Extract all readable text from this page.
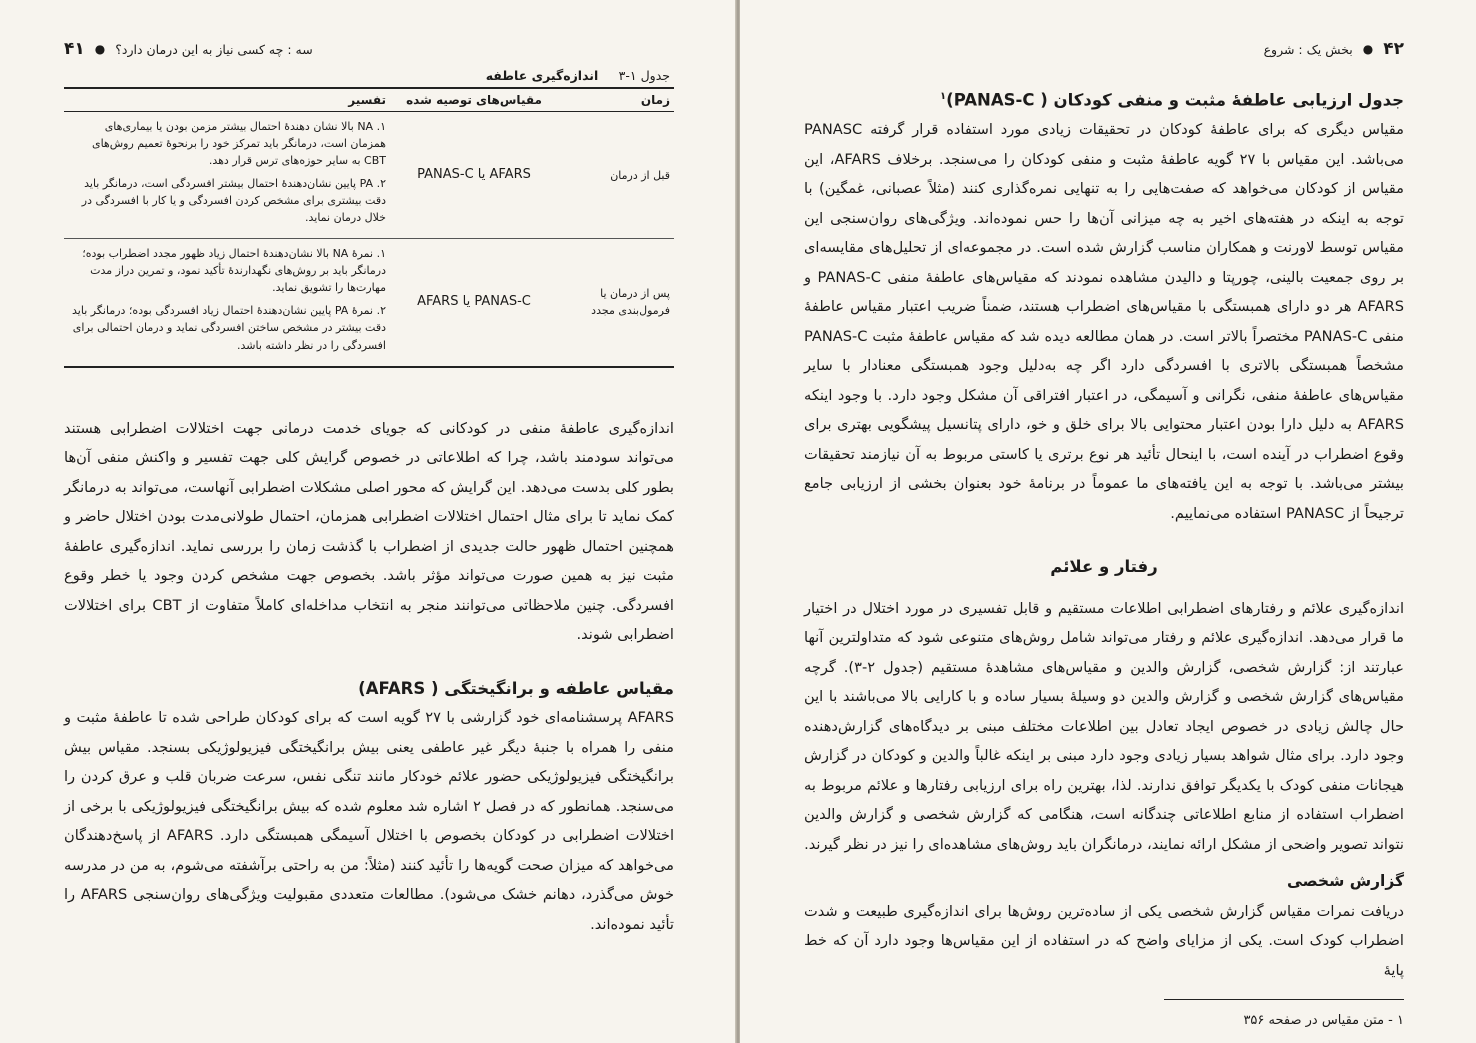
۴۱ ● سه : چه کسی نیاز به این درمان دارد؟
جدول ۱-۳ اندازه‌گیری عاطفه
زمان	مقیاس‌های توصیه شده	تفسیر
قبل از درمان	PANAS-C یا AFARS	۱. NA بالا نشان دهندهٔ احتمال بیشتر مزمن بودن یا بیماری‌های همزمان است، درمانگر باید تمرکز خود را برنحوهٔ تعمیم روش‌های CBT به سایر حوزه‌های ترس قرار دهد.

۲. PA پایین نشان‌دهندهٔ احتمال بیشتر افسردگی است، درمانگر باید دقت بیشتری برای مشخص کردن افسردگی و یا کار با افسردگی در خلال درمان نماید.

پس از درمان یا فرمول‌بندی مجدد	AFARS یا PANAS-C	۱. نمرهٔ NA بالا نشان‌دهندهٔ احتمال زیاد ظهور مجدد اضطراب بوده؛ درمانگر باید بر روش‌های نگهدارندهٔ تأکید نمود، و تمرین دراز مدت مهارت‌ها را تشویق نماید.

۲. نمرهٔ PA پایین نشان‌دهندهٔ احتمال زیاد افسردگی بوده؛ درمانگر باید دقت بیشتر در مشخص ساختن افسردگی نماید و درمان احتمالی برای افسردگی را در نظر داشته باشد.

اندازه‌گیری عاطفهٔ منفی در کودکانی که جویای خدمت درمانی جهت اختلالات اضطرابی هستند می‌تواند سودمند باشد، چرا که اطلاعاتی در خصوص گرایش کلی جهت تفسیر و واکنش منفی آن‌ها بطور کلی بدست می‌دهد. این گرایش که محور اصلی مشکلات اضطرابی آنهاست، می‌تواند به درمانگر کمک نماید تا برای مثال احتمال اختلالات اضطرابی همزمان، احتمال طولانی‌مدت بودن اختلال حاضر و همچنین احتمال ظهور حالت جدیدی از اضطراب با گذشت زمان را بررسی نماید. اندازه‌گیری عاطفهٔ مثبت نیز به همین صورت می‌تواند مؤثر باشد. بخصوص جهت مشخص کردن وجود یا خطر وقوع افسردگی. چنین ملاحظاتی می‌توانند منجر به انتخاب مداخله‌ای کاملاً متفاوت از CBT برای اختلالات اضطرابی شوند.

مقیاس عاطفه و برانگیختگی ( AFARS)

AFARS پرسشنامه‌ای خود گزارشی با ۲۷ گویه است که برای کودکان طراحی شده تا عاطفهٔ مثبت و منفی را همراه با جنبهٔ دیگر غیر عاطفی یعنی بیش برانگیختگی فیزیولوژیکی بسنجد. مقیاس بیش برانگیختگی فیزیولوژیکی حضور علائم خودکار مانند تنگی نفس، سرعت ضربان قلب و عرق کردن را می‌سنجد. همانطور که در فصل ۲ اشاره شد معلوم شده که بیش برانگیختگی فیزیولوژیکی با برخی از اختلالات اضطرابی در کودکان بخصوص با اختلال آسیمگی همبستگی دارد. AFARS از پاسخ‌دهندگان می‌خواهد که میزان صحت گویه‌ها را تأئید کنند (مثلاً: من به راحتی برآشفته می‌شوم، به من در مدرسه خوش می‌گذرد، دهانم خشک می‌شود). مطالعات متعددی مقبولیت ویژگی‌های روان‌سنجی AFARS را تأئید نموده‌اند.

۴۲
●
بخش یک : شروع
جدول ارزیابی عاطفهٔ مثبت و منفی کودکان ( PANAS-C)$^۱$

مقیاس دیگری که برای عاطفهٔ کودکان در تحقیقات زیادی مورد استفاده قرار گرفته PANASC می‌باشد. این مقیاس با ۲۷ گویه عاطفهٔ مثبت و منفی کودکان را می‌سنجد. برخلاف AFARS، این مقیاس از کودکان می‌خواهد که صفت‌هایی را به تنهایی نمره‌گذاری کنند (مثلاً عصبانی، غمگین) با توجه به اینکه در هفته‌های اخیر به چه میزانی آن‌ها را حس نموده‌اند. ویژگی‌های روان‌سنجی این مقیاس توسط لاورنت و همکاران مناسب گزارش شده است. در مجموعه‌ای از تحلیل‌های مقایسه‌ای بر روی جمعیت بالینی، چورپتا و دالیدن مشاهده نمودند که مقیاس‌های عاطفهٔ منفی PANAS-C و AFARS هر دو دارای همبستگی با مقیاس‌های اضطراب هستند، ضمناً ضریب اعتبار مقیاس عاطفهٔ منفی PANAS-C مختصراً بالاتر است. در همان مطالعه دیده شد که مقیاس عاطفهٔ مثبت PANAS-C مشخصاً همبستگی بالاتری با افسردگی دارد اگر چه به‌دلیل وجود همبستگی معنادار با سایر مقیاس‌های عاطفهٔ منفی، نگرانی و آسیمگی، در اعتبار افتراقی آن مشکل وجود دارد. با وجود اینکه AFARS به دلیل دارا بودن اعتبار محتوایی بالا برای خلق و خو، دارای پتانسیل پیشگویی بهتری برای وقوع اضطراب در آینده است، با اینحال تأئید هر نوع برتری یا کاستی مربوط به آن نیازمند تحقیقات بیشتر می‌باشد. با توجه به این یافته‌های ما عموماً در برنامهٔ خود بعنوان بخشی از ارزیابی جامع ترجیحاً از PANASC استفاده می‌نماییم.

رفتار و علائم

اندازه‌گیری علائم و رفتارهای اضطرابی اطلاعات مستقیم و قابل تفسیری در مورد اختلال در اختیار ما قرار می‌دهد. اندازه‌گیری علائم و رفتار می‌تواند شامل روش‌های متنوعی شود که متداولترین آنها عبارتند از: گزارش شخصی، گزارش والدین و مقیاس‌های مشاهدهٔ مستقیم (جدول ۲-۳). گرچه مقیاس‌های گزارش شخصی و گزارش والدین دو وسیلهٔ بسیار ساده و با کارایی بالا می‌باشند با این حال چالش زیادی در خصوص ایجاد تعادل بین اطلاعات مختلف مبنی بر دیدگاه‌های گزارش‌دهنده وجود دارد. برای مثال شواهد بسیار زیادی وجود دارد مبنی بر اینکه غالباً والدین و کودکان در گزارش هیجانات منفی کودک با یکدیگر توافق ندارند. لذا، بهترین راه برای ارزیابی رفتارها و علائم مربوط به اضطراب استفاده از منابع اطلاعاتی چندگانه است، هنگامی که گزارش شخصی و گزارش والدین نتواند تصویر واضحی از مشکل ارائه نمایند، درمانگران باید روش‌های مشاهده‌ای را نیز در نظر گیرند.

گزارش شخصی

دریافت نمرات مقیاس گزارش شخصی یکی از ساده‌ترین روش‌ها برای اندازه‌گیری طبیعت و شدت اضطراب کودک است. یکی از مزایای واضح که در استفاده از این مقیاس‌ها وجود دارد آن که خط پایهٔ

۱ - متن مقیاس در صفحه ۳۵۶
